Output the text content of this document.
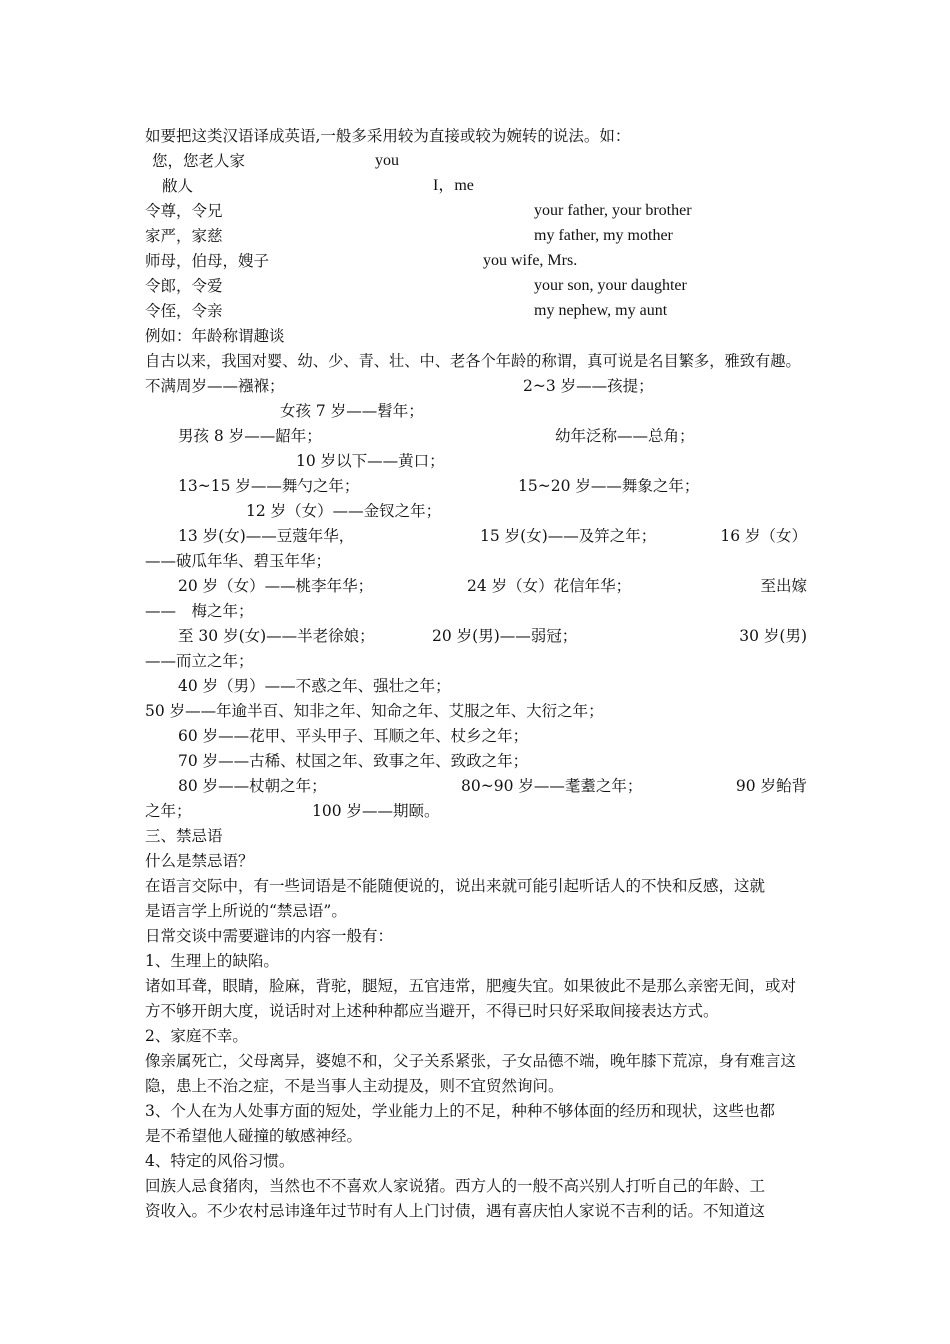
如要把这类汉语译成英语,一般多采用较为直接或较为婉转的说法。如：
您，您老人家	you
敝人	I，me
令尊，令兄	your father, your brother
家严，家慈	my father, my mother
师母，伯母，嫂子	you wife, Mrs.
令郎，令爱	your son, your daughter
令侄，令亲	my nephew, my aunt
例如：年龄称谓趣谈
自古以来，我国对婴、幼、少、青、壮、中、老各个年龄的称谓，真可说是名目繁多，雅致有趣。
不满周岁——襁褓；	2~3 岁——孩提；
女孩 7 岁——髫年；
男孩 8 岁——龆年；	幼年泛称——总角；
10 岁以下——黄口；
13~15 岁——舞勺之年；	15~20 岁——舞象之年；
12 岁（女）——金钗之年；
13 岁(女)——豆蔻年华，	15 岁(女)——及笄之年；	16 岁（女）
——破瓜年华、碧玉年华；
20 岁（女）——桃李年华；	24 岁（女）花信年华；	至出嫁
——　梅之年；
至 30 岁(女)——半老徐娘；	20 岁(男)——弱冠；	30 岁(男)
——而立之年；
40 岁（男）——不惑之年、强壮之年；
50 岁——年逾半百、知非之年、知命之年、艾服之年、大衍之年；
60 岁——花甲、平头甲子、耳顺之年、杖乡之年；
70 岁——古稀、杖国之年、致事之年、致政之年；
80 岁——杖朝之年；	80~90 岁——耄耋之年；	90 岁鲐背
之年；	100 岁——期颐。
三、禁忌语
什么是禁忌语？
在语言交际中，有一些词语是不能随便说的，说出来就可能引起听话人的不快和反感，这就
是语言学上所说的“禁忌语”。
日常交谈中需要避讳的内容一般有：
1、生理上的缺陷。
诸如耳聋，眼睛，脸麻，背驼，腿短，五官违常，肥瘦失宜。如果彼此不是那么亲密无间，或对
方不够开朗大度，说话时对上述种种都应当避开，不得已时只好采取间接表达方式。
2、家庭不幸。
像亲属死亡，父母离异，婆媳不和，父子关系紧张，子女品德不端，晚年膝下荒凉，身有难言这
隐，患上不治之症，不是当事人主动提及，则不宜贸然询问。
3、个人在为人处事方面的短处，学业能力上的不足，种种不够体面的经历和现状，这些也都
是不希望他人碰撞的敏感神经。
4、特定的风俗习惯。
回族人忌食猪肉，当然也不不喜欢人家说猪。西方人的一般不高兴别人打听自己的年龄、工
资收入。不少农村忌讳逢年过节时有人上门讨债，遇有喜庆怕人家说不吉利的话。不知道这
